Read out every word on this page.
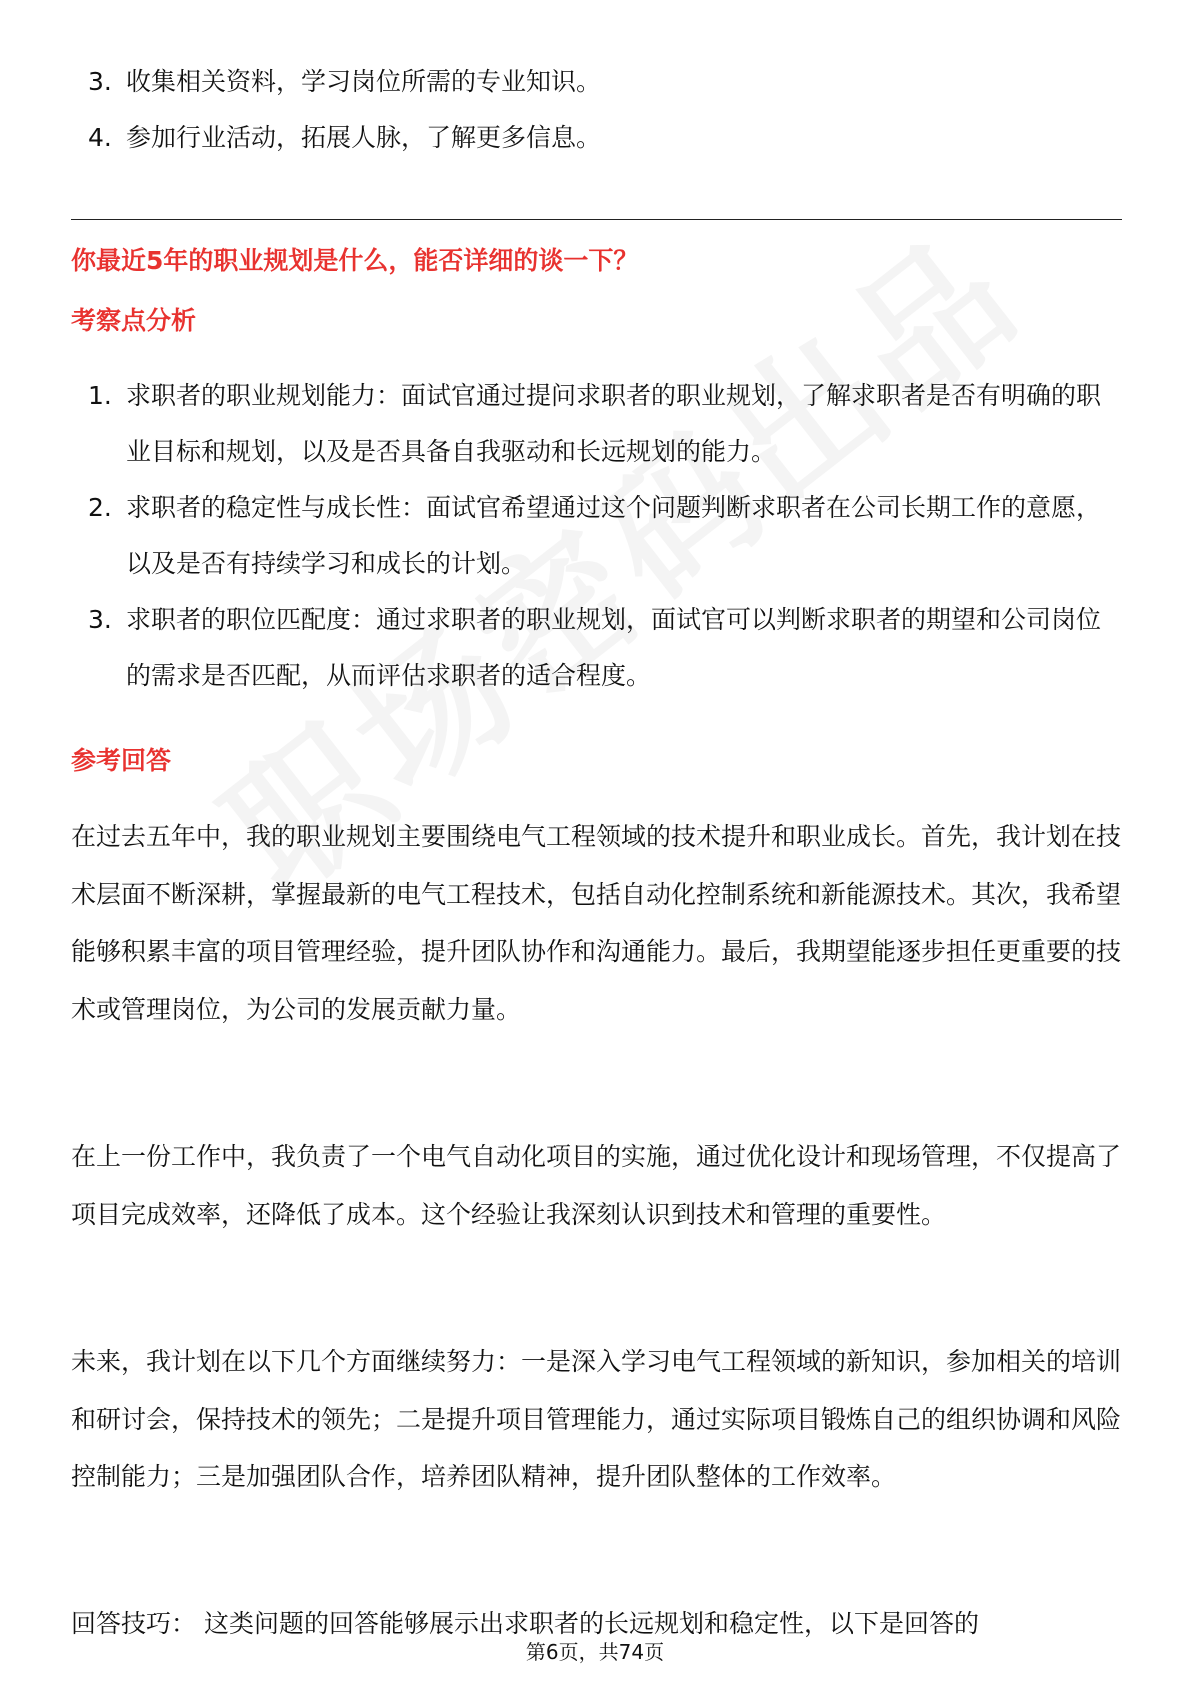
3. 收集相关资料，学习岗位所需的专业知识。
4. 参加行业活动，拓展人脉，了解更多信息。
你最近5年的职业规划是什么，能否详细的谈一下？
考察点分析
1. 求职者的职业规划能力：面试官通过提问求职者的职业规划，了解求职者是否有明确的职业目标和规划，以及是否具备自我驱动和长远规划的能力。
2. 求职者的稳定性与成长性：面试官希望通过这个问题判断求职者在公司长期工作的意愿，以及是否有持续学习和成长的计划。
3. 求职者的职位匹配度：通过求职者的职业规划，面试官可以判断求职者的期望和公司岗位的需求是否匹配，从而评估求职者的适合程度。
参考回答

在过去五年中，我的职业规划主要围绕电气工程领域的技术提升和职业成长。首先，我计划在技术层面不断深耕，掌握最新的电气工程技术，包括自动化控制系统和新能源技术。其次，我希望能够积累丰富的项目管理经验，提升团队协作和沟通能力。最后，我期望能逐步担任更重要的技术或管理岗位，为公司的发展贡献力量。

在上一份工作中，我负责了一个电气自动化项目的实施，通过优化设计和现场管理，不仅提高了项目完成效率，还降低了成本。这个经验让我深刻认识到技术和管理的重要性。

未来，我计划在以下几个方面继续努力：一是深入学习电气工程领域的新知识，参加相关的培训和研讨会，保持技术的领先；二是提升项目管理能力，通过实际项目锻炼自己的组织协调和风险控制能力；三是加强团队合作，培养团队精神，提升团队整体的工作效率。

回答技巧： 这类问题的回答能够展示出求职者的长远规划和稳定性，以下是回答的

第6页，共74页
